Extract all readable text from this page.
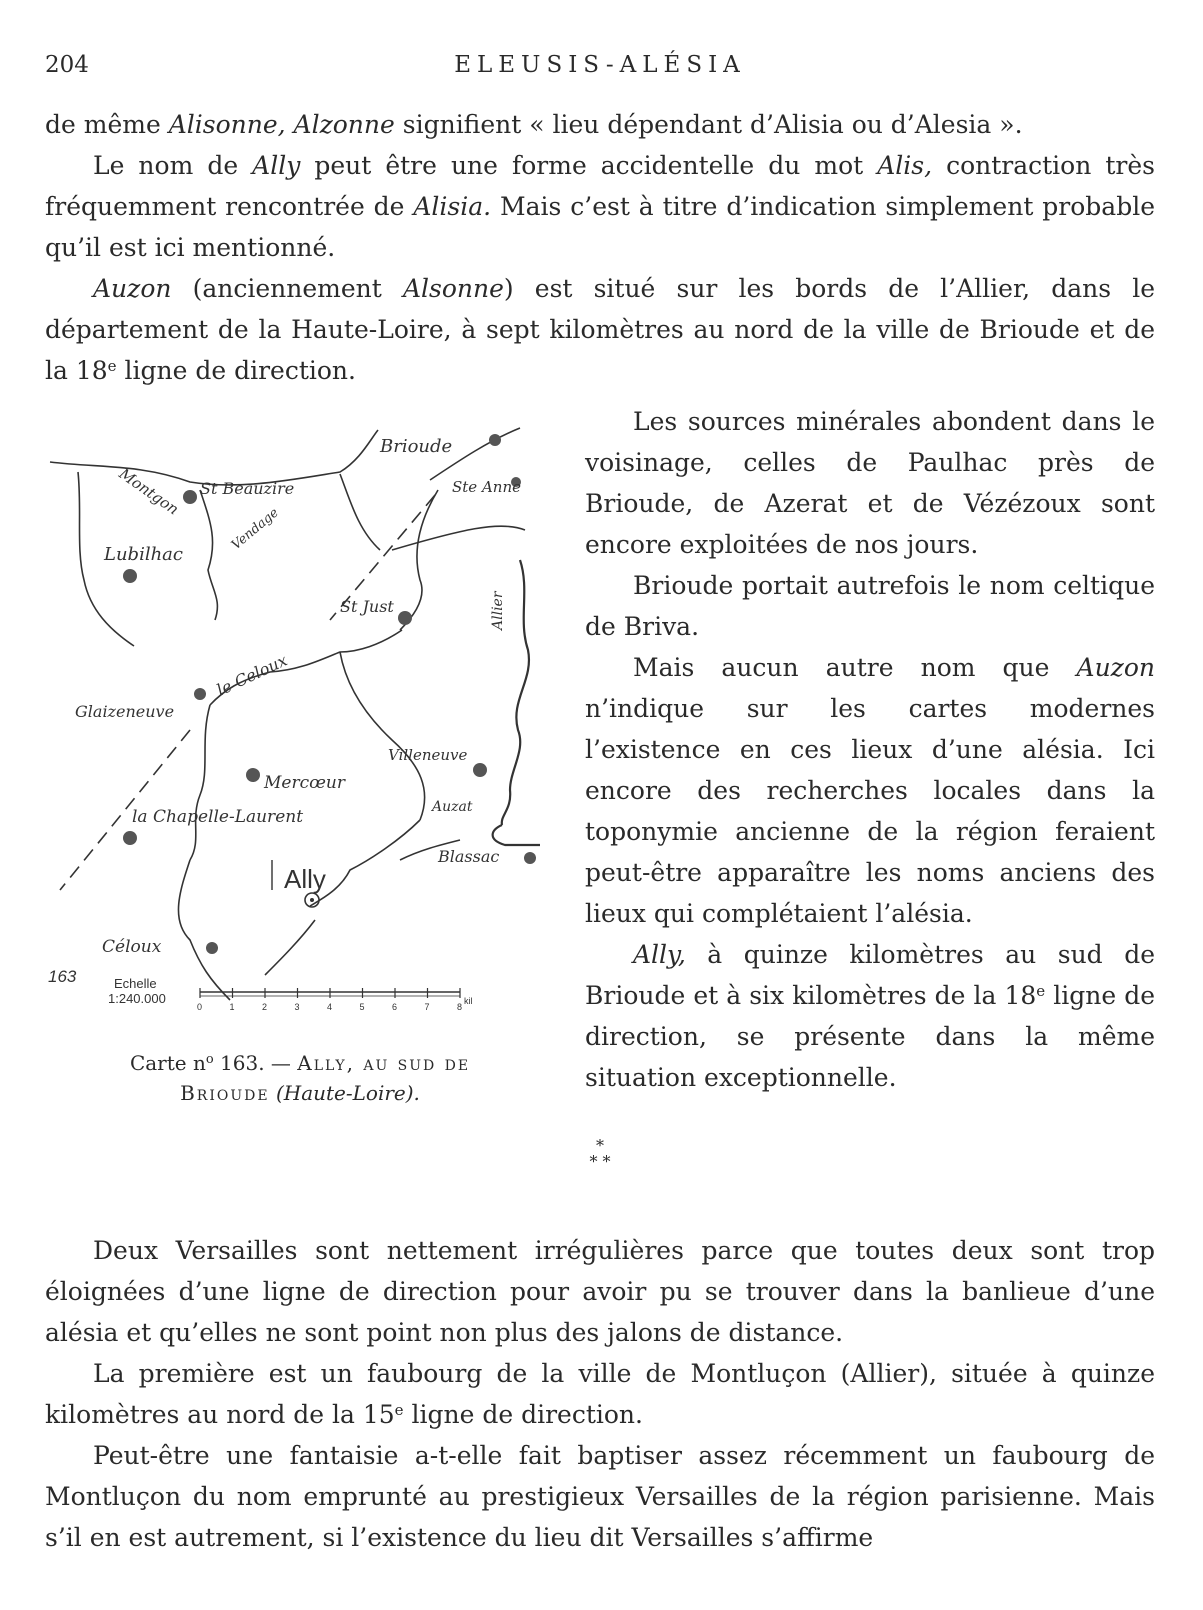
204	ELEUSIS-ALÉSIA

de même Alisonne, Alzonne signifient « lieu dépendant d’Alisia ou d’Alesia ».

Le nom de Ally peut être une forme accidentelle du mot Alis, contraction très fréquemment rencontrée de Alisia. Mais c’est à titre d’indication simplement probable qu’il est ici mentionné.

Auzon (anciennement Alsonne) est situé sur les bords de l’Allier, dans le département de la Haute-Loire, à sept kilomètres au nord de la ville de Brioude et de la 18e ligne de direction.

Brioude
Montgon St Beauzire	Ste Anne
Vendage
Lubilhac
St Just	Allier
le Celoux
Glaizeneuve
Villeneuve
Mercœur
Auzat
la Chapelle-Laurent
Blassac
Ally
Céloux
163	Echelle
1:240.000
0	1	2	3	4	5	6	7	8
kil
Carte $n^o$ 163. — Ally, au sud de
Brioude (Haute-Loire).

Les sources minérales abondent dans le voisinage, celles de Paulhac près de Brioude, de Azerat et de Vézézoux sont encore exploitées de nos jours.

Brioude portait autrefois le nom celtique de Briva.

Mais aucun autre nom que Auzon n’indique sur les cartes modernes l’existence en ces lieux d’une alésia. Ici encore des recherches locales dans la toponymie ancienne de la région feraient peut-être apparaître les noms anciens des lieux qui complétaient l’alésia.

Ally, à quinze kilomètres au sud de Brioude et à six kilomètres de la 18e ligne de direction, se présente dans la même situation exceptionnelle.

*
* *

Deux Versailles sont nettement irrégulières parce que toutes deux sont trop éloignées d’une ligne de direction pour avoir pu se trouver dans la banlieue d’une alésia et qu’elles ne sont point non plus des jalons de distance.

La première est un faubourg de la ville de Montluçon (Allier), située à quinze kilomètres au nord de la 15e ligne de direction.

Peut-être une fantaisie a-t-elle fait baptiser assez récemment un faubourg de Montluçon du nom emprunté au prestigieux Versailles de la région parisienne. Mais s’il en est autrement, si l’existence du lieu dit Versailles s’affirme
